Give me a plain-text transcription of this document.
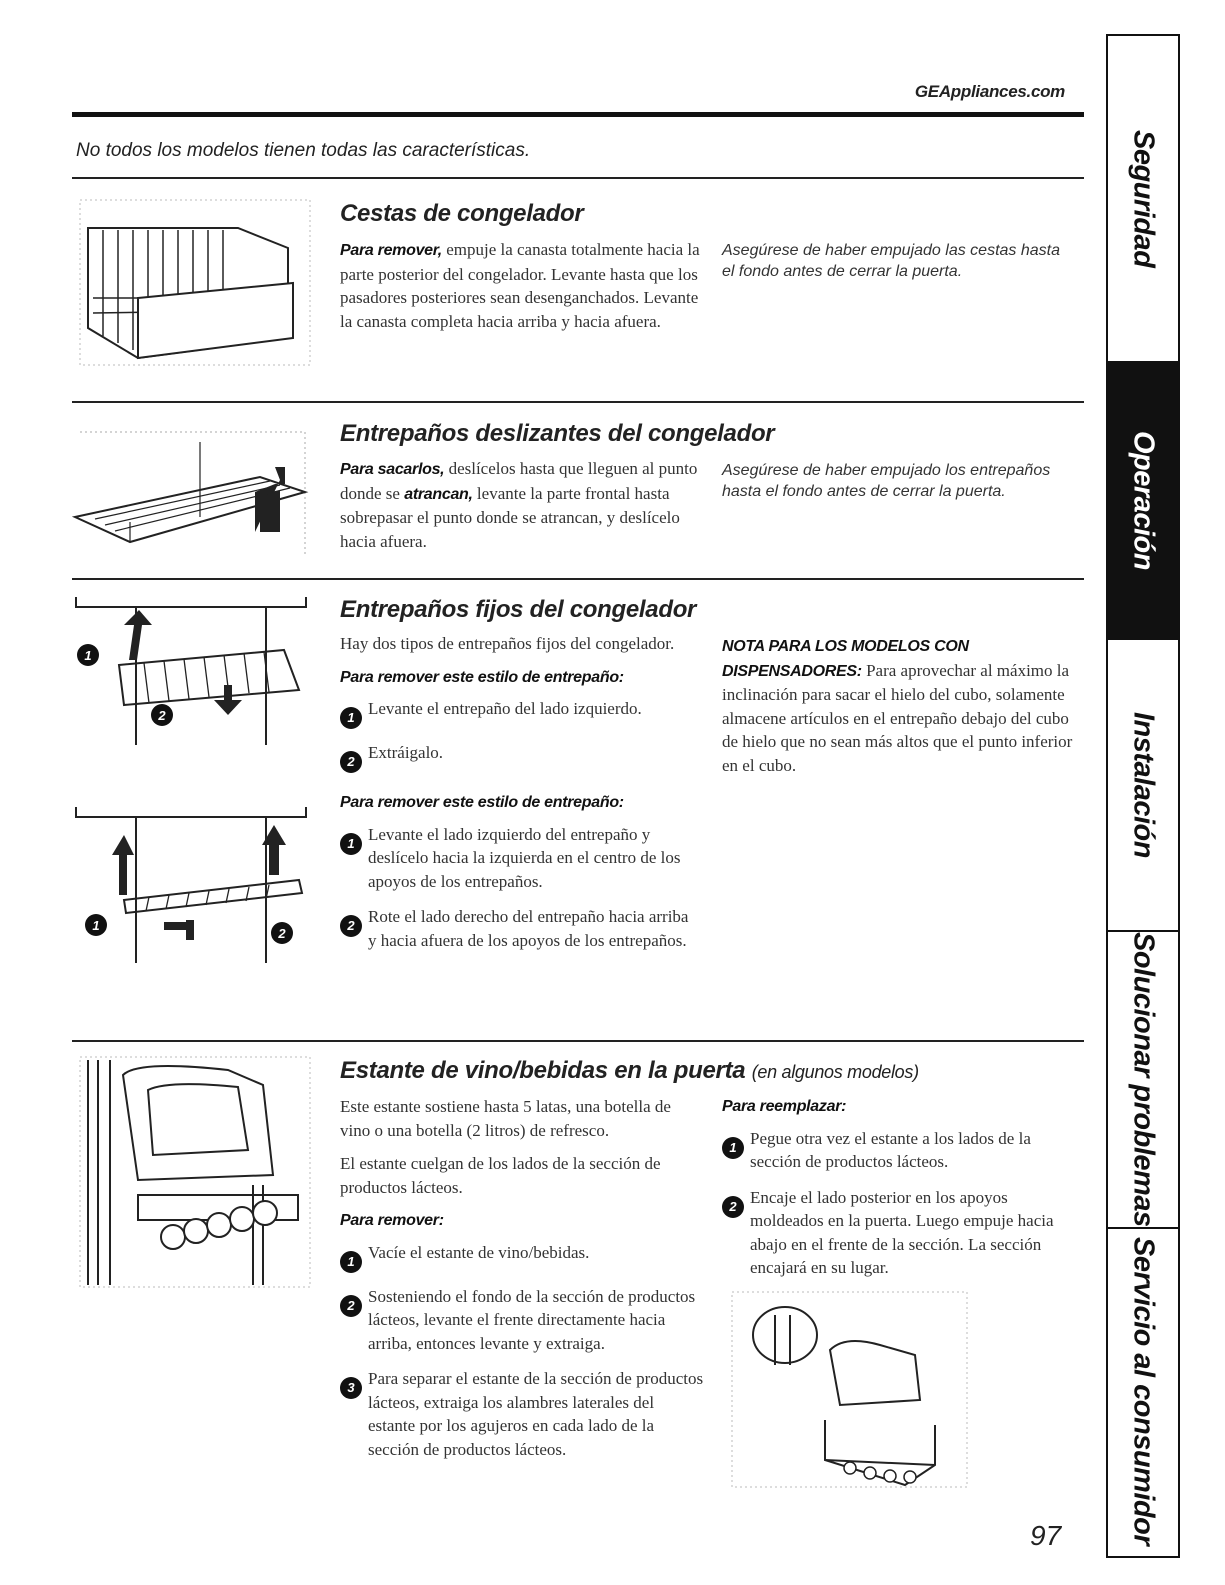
GEAppliances.com
No todos los modelos tienen todas las características.
Cestas de congelador
Para remover, empuje la canasta totalmente hacia la parte posterior del congelador. Levante hasta que los pasadores posteriores sean desenganchados. Levante la canasta completa hacia arriba y hacia afuera.
Asegúrese de haber empujado las cestas hasta el fondo antes de cerrar la puerta.
Entrepaños deslizantes del congelador
Para sacarlos, deslícelos hasta que lleguen al punto donde se atrancan, levante la parte frontal hasta sobrepasar el punto donde se atrancan, y deslícelo hacia afuera.
Asegúrese de haber empujado los entrepaños hasta el fondo antes de cerrar la puerta.
1
2
1
2
Entrepaños fijos del congelador

Hay dos tipos de entrepaños fijos del congelador.

Para remover este estilo de entrepaño:
1 Levante el entrepaño del lado izquierdo.
2 Extráigalo.
Para remover este estilo de entrepaño:
1 Levante el lado izquierdo del entrepaño y deslícelo hacia la izquierda en el centro de los apoyos de los entrepaños.
2 Rote el lado derecho del entrepaño hacia arriba y hacia afuera de los apoyos de los entrepaños.
NOTA PARA LOS MODELOS CON DISPENSADORES: Para aprovechar al máximo la inclinación para sacar el hielo del cubo, solamente almacene artículos en el entrepaño debajo del cubo de hielo que no sean más altos que el punto inferior en el cubo.
Estante de vino/bebidas en la puerta (en algunos modelos)

Este estante sostiene hasta 5 latas, una botella de vino o una botella (2 litros) de refresco.

El estante cuelgan de los lados de la sección de productos lácteos.

Para remover:
1 Vacíe el estante de vino/bebidas.
2 Sosteniendo el fondo de la sección de productos lácteos, levante el frente directamente hacia arriba, entonces levante y extraiga.
3 Para separar el estante de la sección de productos lácteos, extraiga los alambres laterales del estante por los agujeros en cada lado de la sección de productos lácteos.
Para reemplazar:
1 Pegue otra vez el estante a los lados de la sección de productos lácteos.
2 Encaje el lado posterior en los apoyos moldeados en la puerta. Luego empuje hacia abajo en el frente de la sección. La sección encajará en su lugar.
Seguridad
Operación
Instalación
Solucionar problemas
Servicio al consumidor
97
